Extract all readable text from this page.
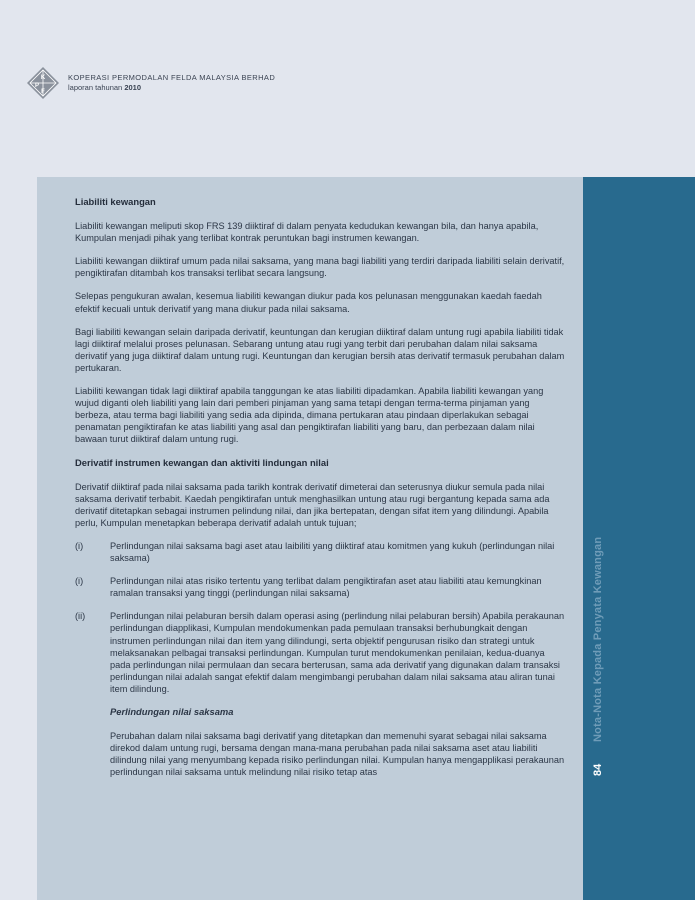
K
P
F
KOPERASI PERMODALAN FELDA MALAYSIA BERHAD
laporan tahunan 2010
Nota-Nota Kepada Penyata Kewangan
84
Liabiliti kewangan

Liabiliti kewangan meliputi skop FRS 139 diiktiraf di dalam penyata kedudukan kewangan bila, dan hanya apabila, Kumpulan menjadi pihak yang terlibat kontrak peruntukan bagi instrumen kewangan.

Liabiliti kewangan diiktiraf umum pada nilai saksama, yang mana bagi liabiliti yang terdiri daripada liabiliti selain derivatif, pengiktirafan ditambah kos transaksi terlibat secara langsung.

Selepas pengukuran awalan, kesemua liabiliti kewangan diukur pada kos pelunasan menggunakan kaedah faedah efektif kecuali untuk derivatif yang mana diukur pada nilai saksama.

Bagi liabiliti kewangan selain daripada derivatif, keuntungan dan kerugian diiktiraf dalam untung rugi apabila liabiliti tidak lagi diiktiraf melalui proses pelunasan. Sebarang untung atau rugi yang terbit dari perubahan dalam nilai saksama derivatif yang juga diiktiraf dalam untung rugi. Keuntungan dan kerugian bersih atas derivatif termasuk perubahan dalam pertukaran.

Liabiliti kewangan tidak lagi diiktiraf apabila tanggungan ke atas liabiliti dipadamkan. Apabila liabiliti kewangan yang wujud diganti oleh liabiliti yang lain dari pemberi pinjaman yang sama tetapi dengan terma-terma pinjaman yang berbeza, atau terma bagi liabiliti yang sedia ada dipinda, dimana pertukaran atau pindaan diperlakukan sebagai penamatan pengiktirafan ke atas liabiliti yang asal dan pengiktirafan liabiliti yang baru, dan perbezaan dalam nilai bawaan turut diiktiraf dalam untung rugi.

Derivatif instrumen kewangan dan aktiviti lindungan nilai

Derivatif diiktiraf pada nilai saksama pada tarikh kontrak derivatif dimeterai dan seterusnya diukur semula pada nilai saksama derivatif terbabit. Kaedah pengiktirafan untuk menghasilkan untung atau rugi bergantung kepada sama ada derivatif ditetapkan sebagai instrumen pelindung nilai, dan jika bertepatan, dengan sifat item yang dilindungi. Apabila perlu, Kumpulan menetapkan beberapa derivatif adalah untuk tujuan;

(i)	Perlindungan nilai saksama bagi aset atau laibiliti yang diiktiraf atau komitmen yang kukuh (perlindungan nilai saksama)
(i)	Perlindungan nilai atas risiko tertentu yang terlibat dalam pengiktirafan aset atau liabiliti atau kemungkinan ramalan transaksi yang tinggi (perlindungan nilai saksama)
(ii)	Perlindungan nilai pelaburan bersih dalam operasi asing (perlindung nilai pelaburan bersih) Apabila perakaunan perlindungan diapplikasi, Kumpulan mendokumenkan pada pemulaan transaksi berhubungkait dengan instrumen perlindungan nilai dan item yang dilindungi, serta objektif pengurusan risiko dan strategi untuk melaksanakan pelbagai transaksi perlindungan. Kumpulan turut mendokumenkan penilaian, kedua-duanya pada perlindungan nilai permulaan dan secara berterusan, sama ada derivatif yang digunakan dalam transaksi perlindungan nilai adalah sangat efektif dalam mengimbangi perubahan dalam nilai saksama atau aliran tunai item dilindung.
Perlindungan nilai saksama

Perubahan dalam nilai saksama bagi derivatif yang ditetapkan dan memenuhi syarat sebagai nilai saksama direkod dalam untung rugi, bersama dengan mana-mana perubahan pada nilai saksama aset atau liabiliti dilindung nilai yang menyumbang kepada risiko perlindungan nilai. Kumpulan hanya mengapplikasi perakaunan perlindungan nilai saksama untuk melindung nilai risiko tetap atas
